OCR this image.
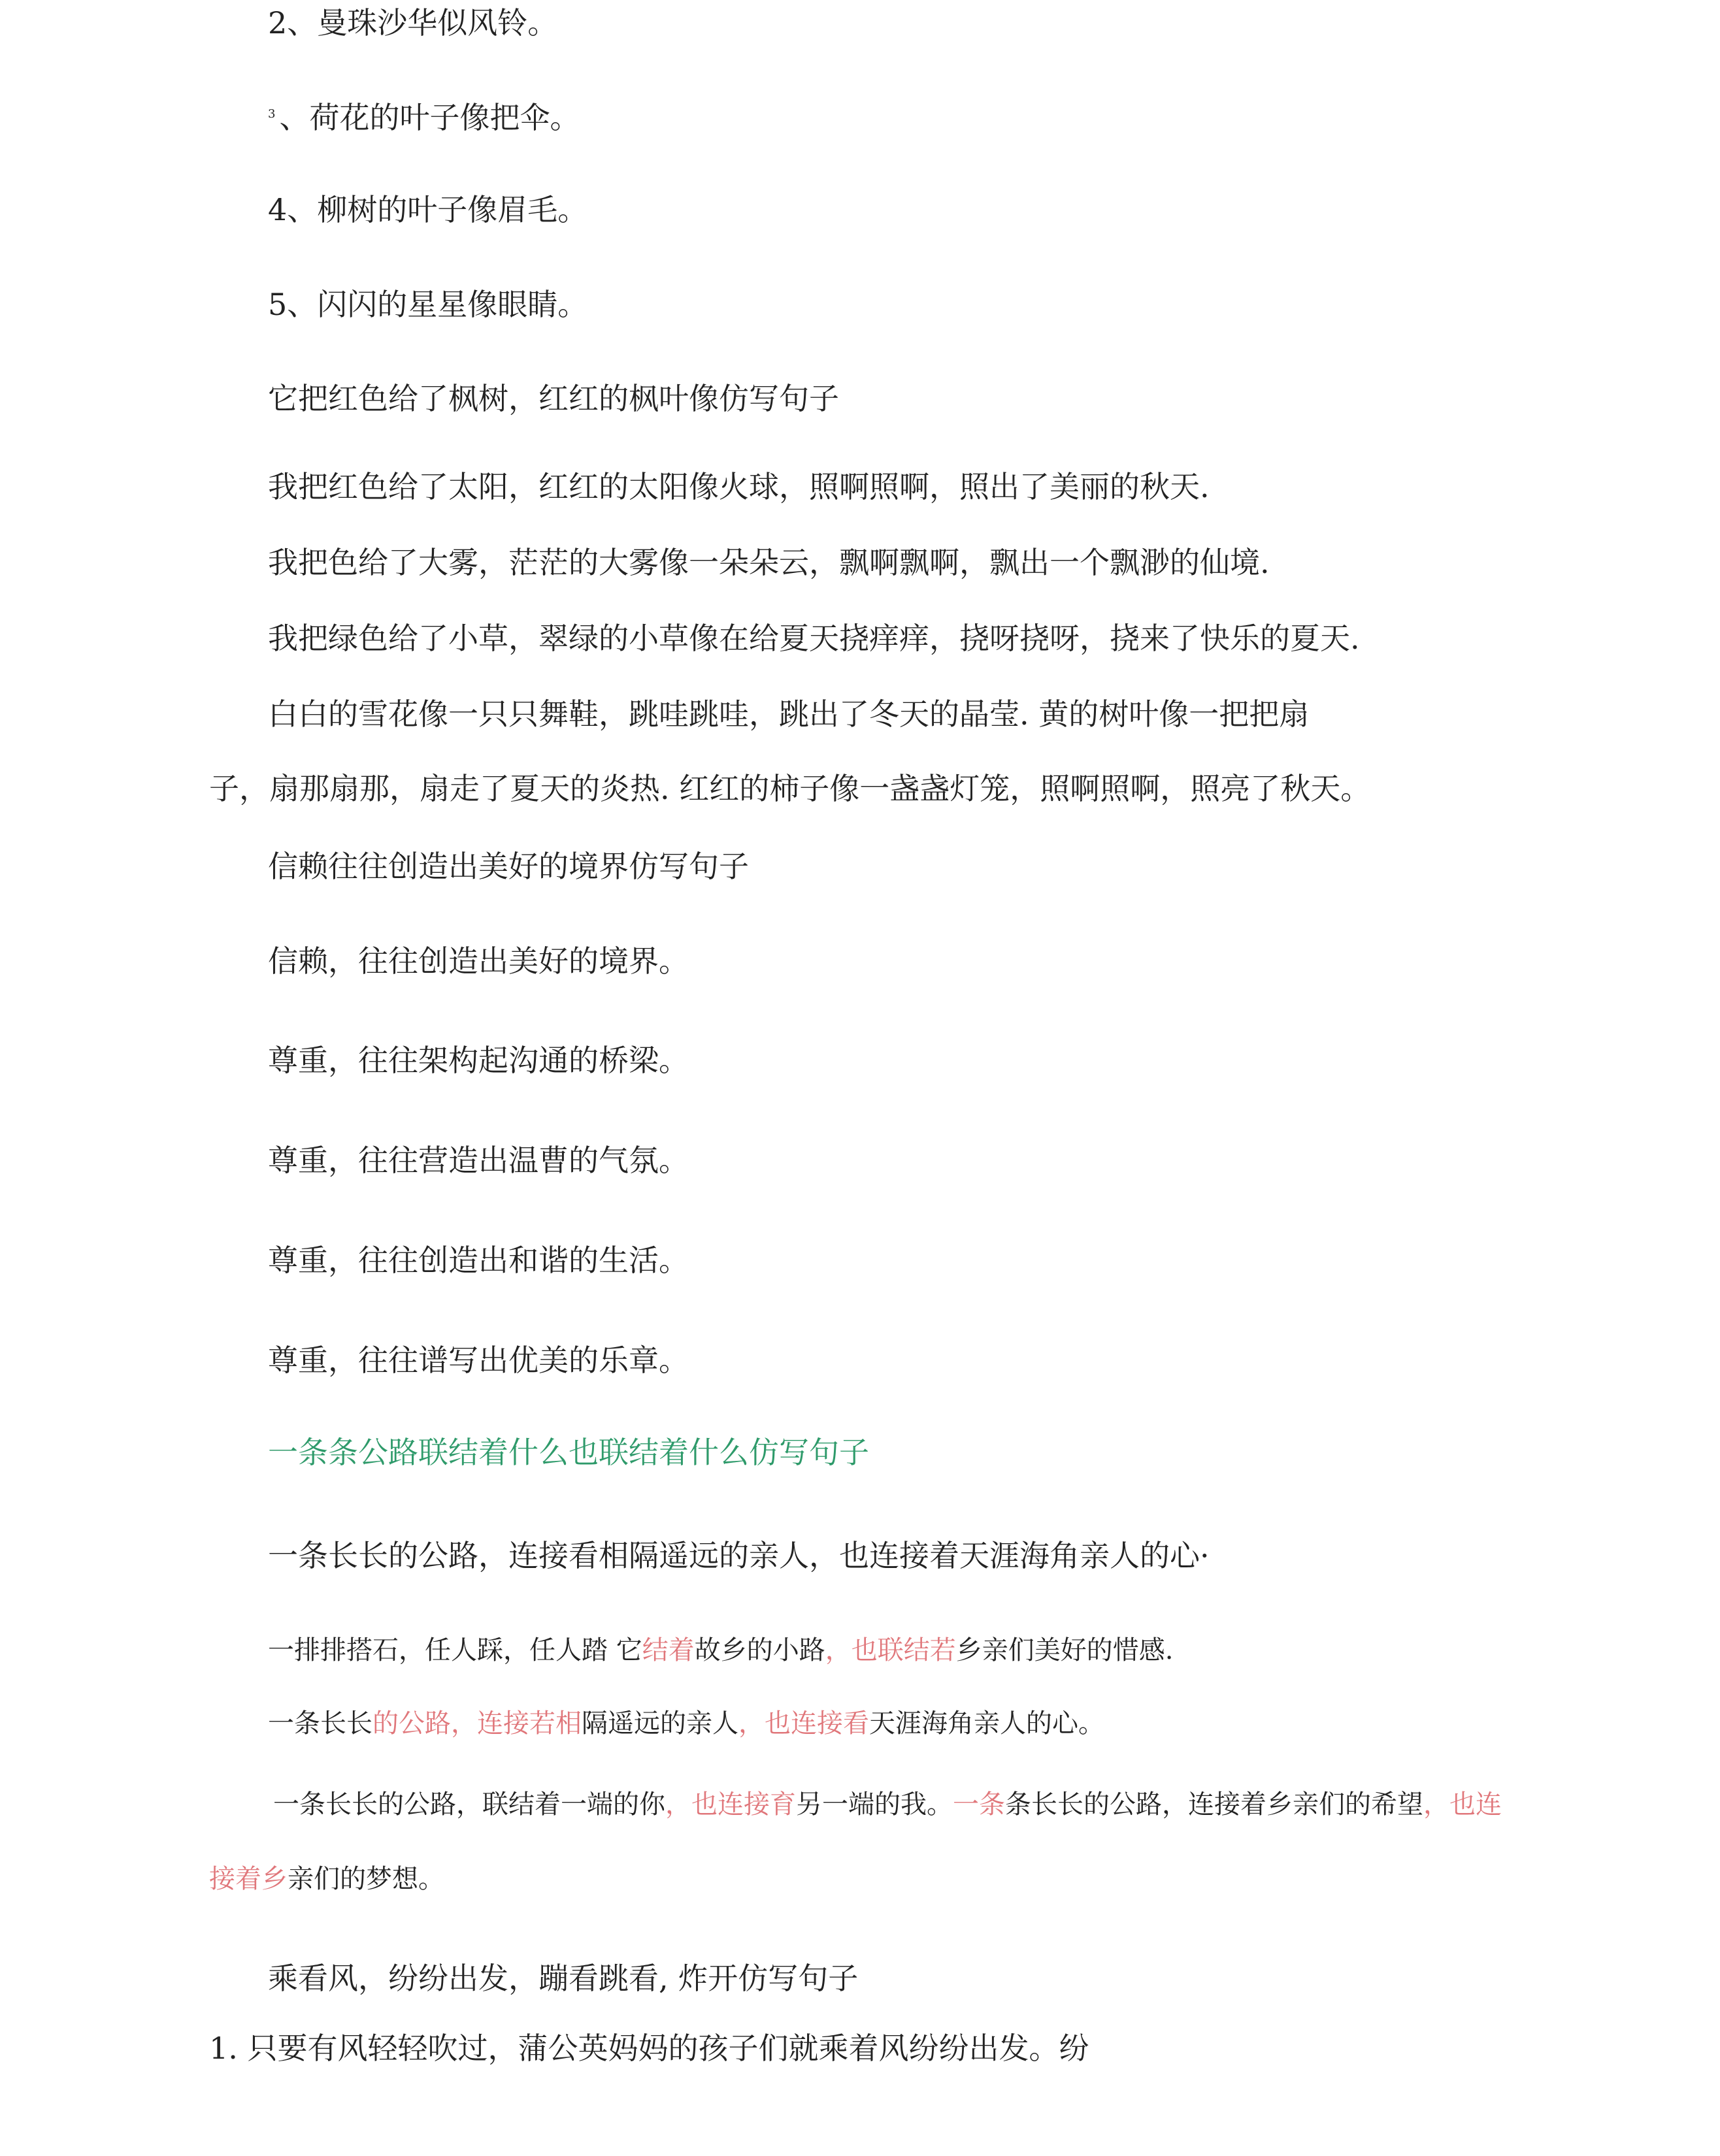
2、曼珠沙华似风铃。
$^3$ 、荷花的叶子像把伞。
4、柳树的叶子像眉毛。
5、闪闪的星星像眼睛。
它把红色给了枫树，红红的枫叶像仿写句子
我把红色给了太阳，红红的太阳像火球，照啊照啊，照出了美丽的秋天.
我把色给了大雾，茫茫的大雾像一朵朵云，飘啊飘啊，飘出一个飘渺的仙境.
我把绿色给了小草，翠绿的小草像在给夏天挠痒痒，挠呀挠呀，挠来了快乐的夏天.
白白的雪花像一只只舞鞋，跳哇跳哇，跳出了冬天的晶莹. 黄的树叶像一把把扇
子，扇那扇那，扇走了夏天的炎热. 红红的柿子像一盏盏灯笼，照啊照啊，照亮了秋天。
信赖往往创造出美好的境界仿写句子
信赖，往往创造出美好的境界。
尊重，往往架构起沟通的桥梁。
尊重，往往营造出温曹的气氛。
尊重，往往创造出和谐的生活。
尊重，往往谱写出优美的乐章。
一条条公路联结着什么也联结着什么仿写句子
一条长长的公路，连接看相隔遥远的亲人，也连接着天涯海角亲人的心·
一排排搭石，任人踩，任人踏 它结着故乡的小路，也联结若乡亲们美好的惜感.
一条长长的公路，连接若相隔遥远的亲人，也连接看天涯海角亲人的心。
一条长长的公路，联结着一端的你，也连接育另一端的我。一条条长长的公路，连接着乡亲们的希望，也连
接着乡亲们的梦想。
乘看风，纷纷出发，蹦看跳看, 炸开仿写句子
1. 只要有风轻轻吹过，蒲公英妈妈的孩子们就乘着风纷纷出发。纷
